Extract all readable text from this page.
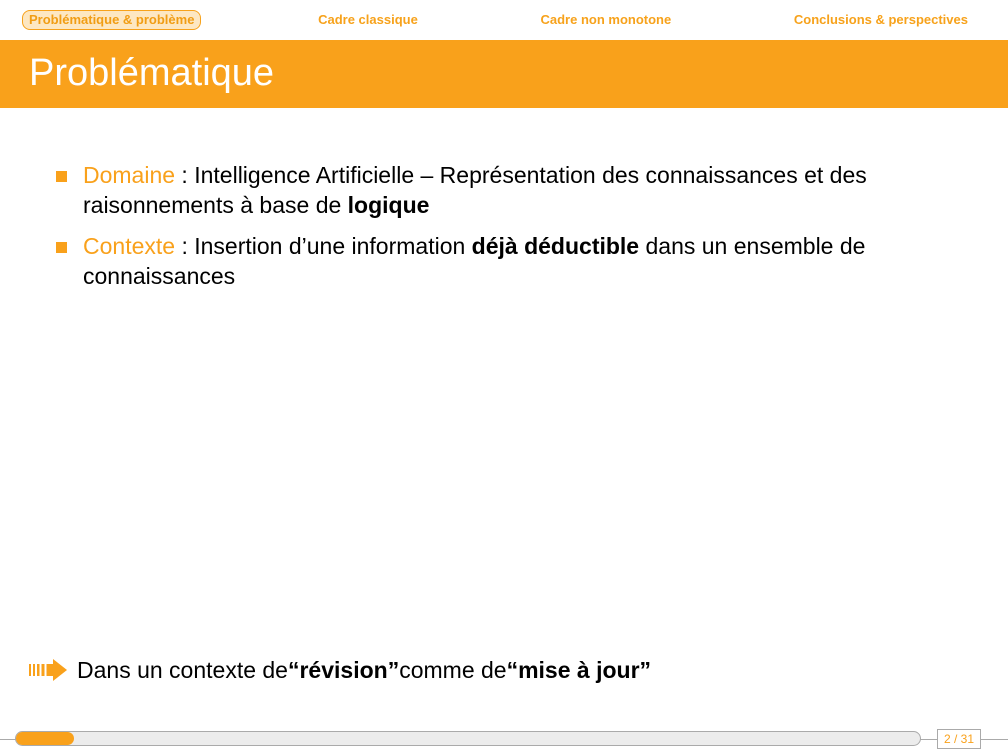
Problématique & problème	Cadre classique	Cadre non monotone	Conclusions & perspectives
Problématique
Domaine : Intelligence Artificielle – Représentation des connaissances et des raisonnements à base de logique
Contexte : Insertion d’une information déjà déductible dans un ensemble de connaissances
Dans un contexte de “révision” comme de “mise à jour”
2 / 31
